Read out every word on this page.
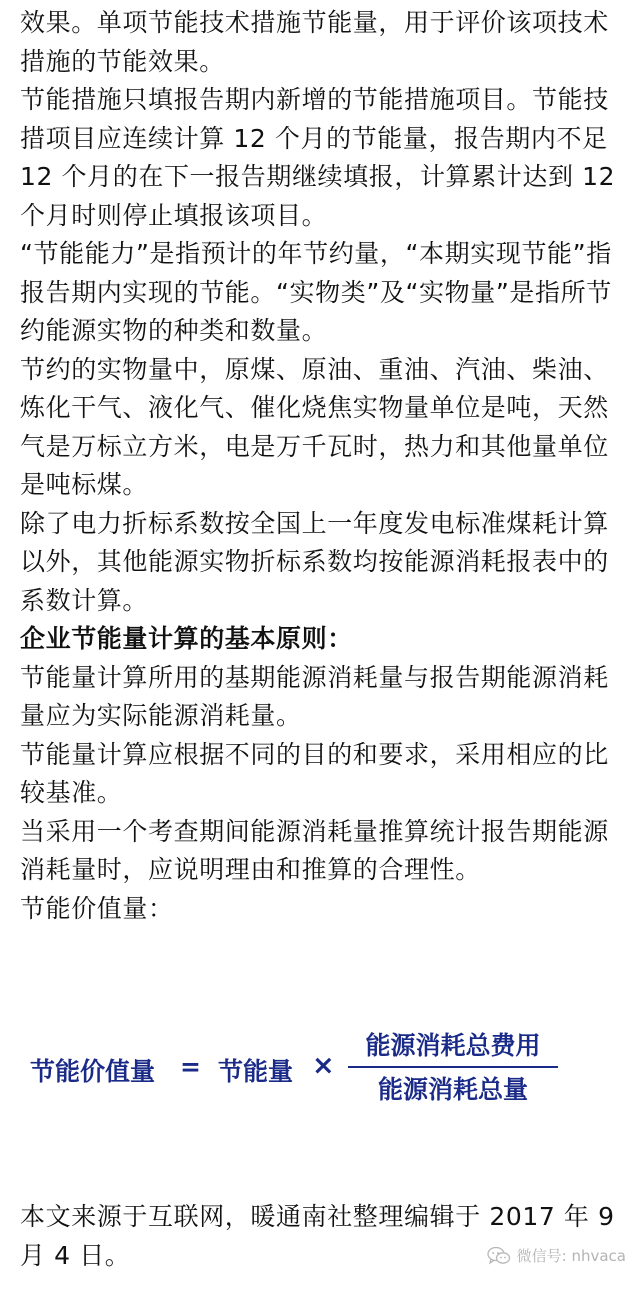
效果。单项节能技术措施节能量，用于评价该项技术措施的节能效果。

节能措施只填报告期内新增的节能措施项目。节能技措项目应连续计算 12 个月的节能量，报告期内不足 12 个月的在下一报告期继续填报，计算累计达到 12 个月时则停止填报该项目。

“节能能力”是指预计的年节约量，“本期实现节能”指报告期内实现的节能。“实物类”及“实物量”是指所节约能源实物的种类和数量。

节约的实物量中，原煤、原油、重油、汽油、柴油、炼化干气、液化气、催化烧焦实物量单位是吨，天然气是万标立方米，电是万千瓦时，热力和其他量单位是吨标煤。

除了电力折标系数按全国上一年度发电标准煤耗计算以外，其他能源实物折标系数均按能源消耗报表中的系数计算。

企业节能量计算的基本原则：

节能量计算所用的基期能源消耗量与报告期能源消耗量应为实际能源消耗量。

节能量计算应根据不同的目的和要求，采用相应的比较基准。

当采用一个考查期间能源消耗量推算统计报告期能源消耗量时，应说明理由和推算的合理性。

节能价值量：

节能价值量 = 节能量 ×
能源消耗总费用
能源消耗总量

本文来源于互联网，暖通南社整理编辑于 2017 年 9 月 4 日。	微信号: nhvaca
